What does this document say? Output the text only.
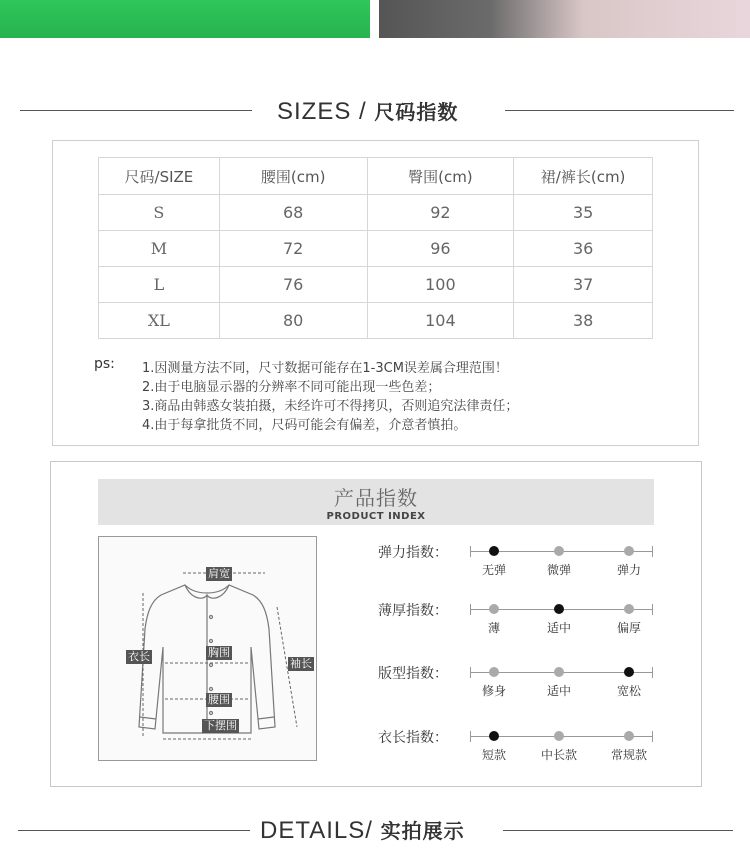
SIZES / 尺码指数
尺码/SIZE	腰围(cm)	臀围(cm)	裙/裤长(cm)
S	68	92	35
M	72	96	36
L	76	100	37
XL	80	104	38
ps: 1.因测量方法不同，尺寸数据可能存在1-3CM误差属合理范围！
2.由于电脑显示器的分辨率不同可能出现一些色差；
3.商品由韩惑女装拍摄，未经许可不得拷贝，否则追究法律责任；
4.由于每拿批货不同，尺码可能会有偏差，介意者慎拍。
产品指数
PRODUCT INDEX
肩宽
衣长	胸围
袖长
腰围
下摆围
弹力指数：
无弹	微弹	弹力
薄厚指数：
薄	适中	偏厚
版型指数：
修身	适中	宽松
衣长指数：
短款	中长款	常规款
DETAILS/ 实拍展示
